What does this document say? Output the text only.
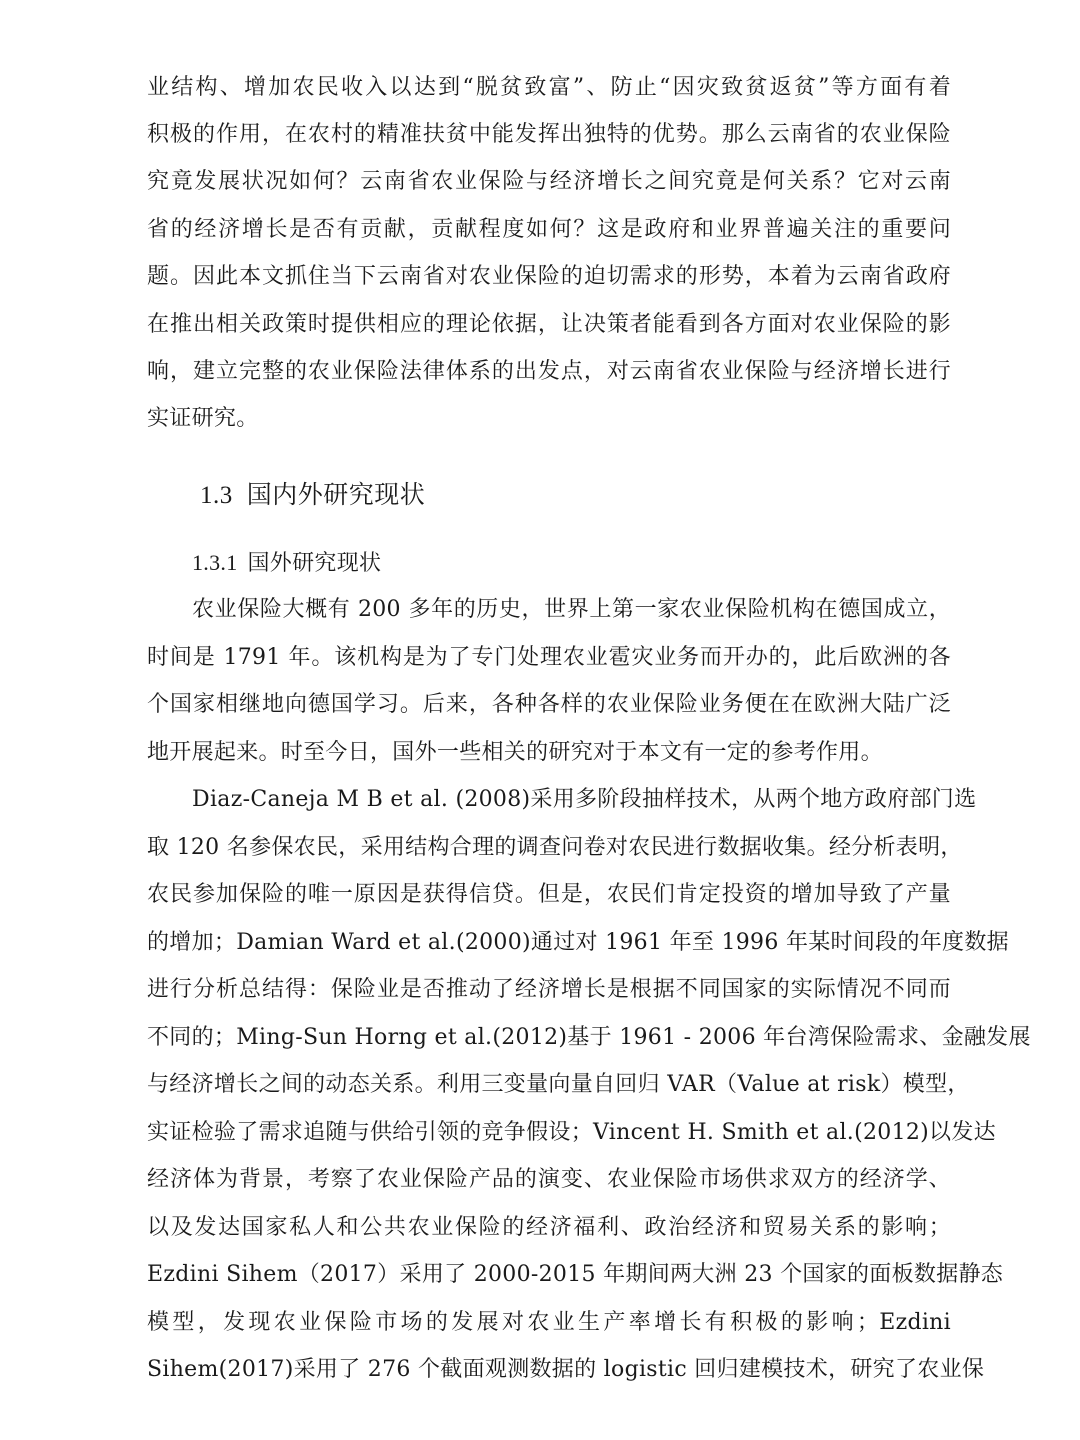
业结构、增加农民收入以达到“脱贫致富”、防止“因灾致贫返贫”等方面有着
积极的作用，在农村的精准扶贫中能发挥出独特的优势。那么云南省的农业保险
究竟发展状况如何？云南省农业保险与经济增长之间究竟是何关系？它对云南
省的经济增长是否有贡献，贡献程度如何？这是政府和业界普遍关注的重要问
题。因此本文抓住当下云南省对农业保险的迫切需求的形势，本着为云南省政府
在推出相关政策时提供相应的理论依据，让决策者能看到各方面对农业保险的影
响，建立完整的农业保险法律体系的出发点，对云南省农业保险与经济增长进行
实证研究。
1.3 国内外研究现状
1.3.1 国外研究现状
农业保险大概有 200 多年的历史，世界上第一家农业保险机构在德国成立，
时间是 1791 年。该机构是为了专门处理农业雹灾业务而开办的，此后欧洲的各
个国家相继地向德国学习。后来，各种各样的农业保险业务便在在欧洲大陆广泛
地开展起来。时至今日，国外一些相关的研究对于本文有一定的参考作用。
Diaz-Caneja M B et al. (2008)采用多阶段抽样技术，从两个地方政府部门选
取 120 名参保农民，采用结构合理的调查问卷对农民进行数据收集。经分析表明，
农民参加保险的唯一原因是获得信贷。但是，农民们肯定投资的增加导致了产量
的增加；Damian Ward et al.(2000)通过对 1961 年至 1996 年某时间段的年度数据
进行分析总结得：保险业是否推动了经济增长是根据不同国家的实际情况不同而
不同的；Ming-Sun Horng et al.(2012)基于 1961 - 2006 年台湾保险需求、金融发展
与经济增长之间的动态关系。利用三变量向量自回归 VAR（Value at risk）模型，
实证检验了需求追随与供给引领的竞争假设；Vincent H. Smith et al.(2012)以发达
经济体为背景，考察了农业保险产品的演变、农业保险市场供求双方的经济学、
以及发达国家私人和公共农业保险的经济福利、政治经济和贸易关系的影响；
Ezdini Sihem（2017）采用了 2000-2015 年期间两大洲 23 个国家的面板数据静态
模型，发现农业保险市场的发展对农业生产率增长有积极的影响；Ezdini
Sihem(2017)采用了 276 个截面观测数据的 logistic 回归建模技术，研究了农业保
